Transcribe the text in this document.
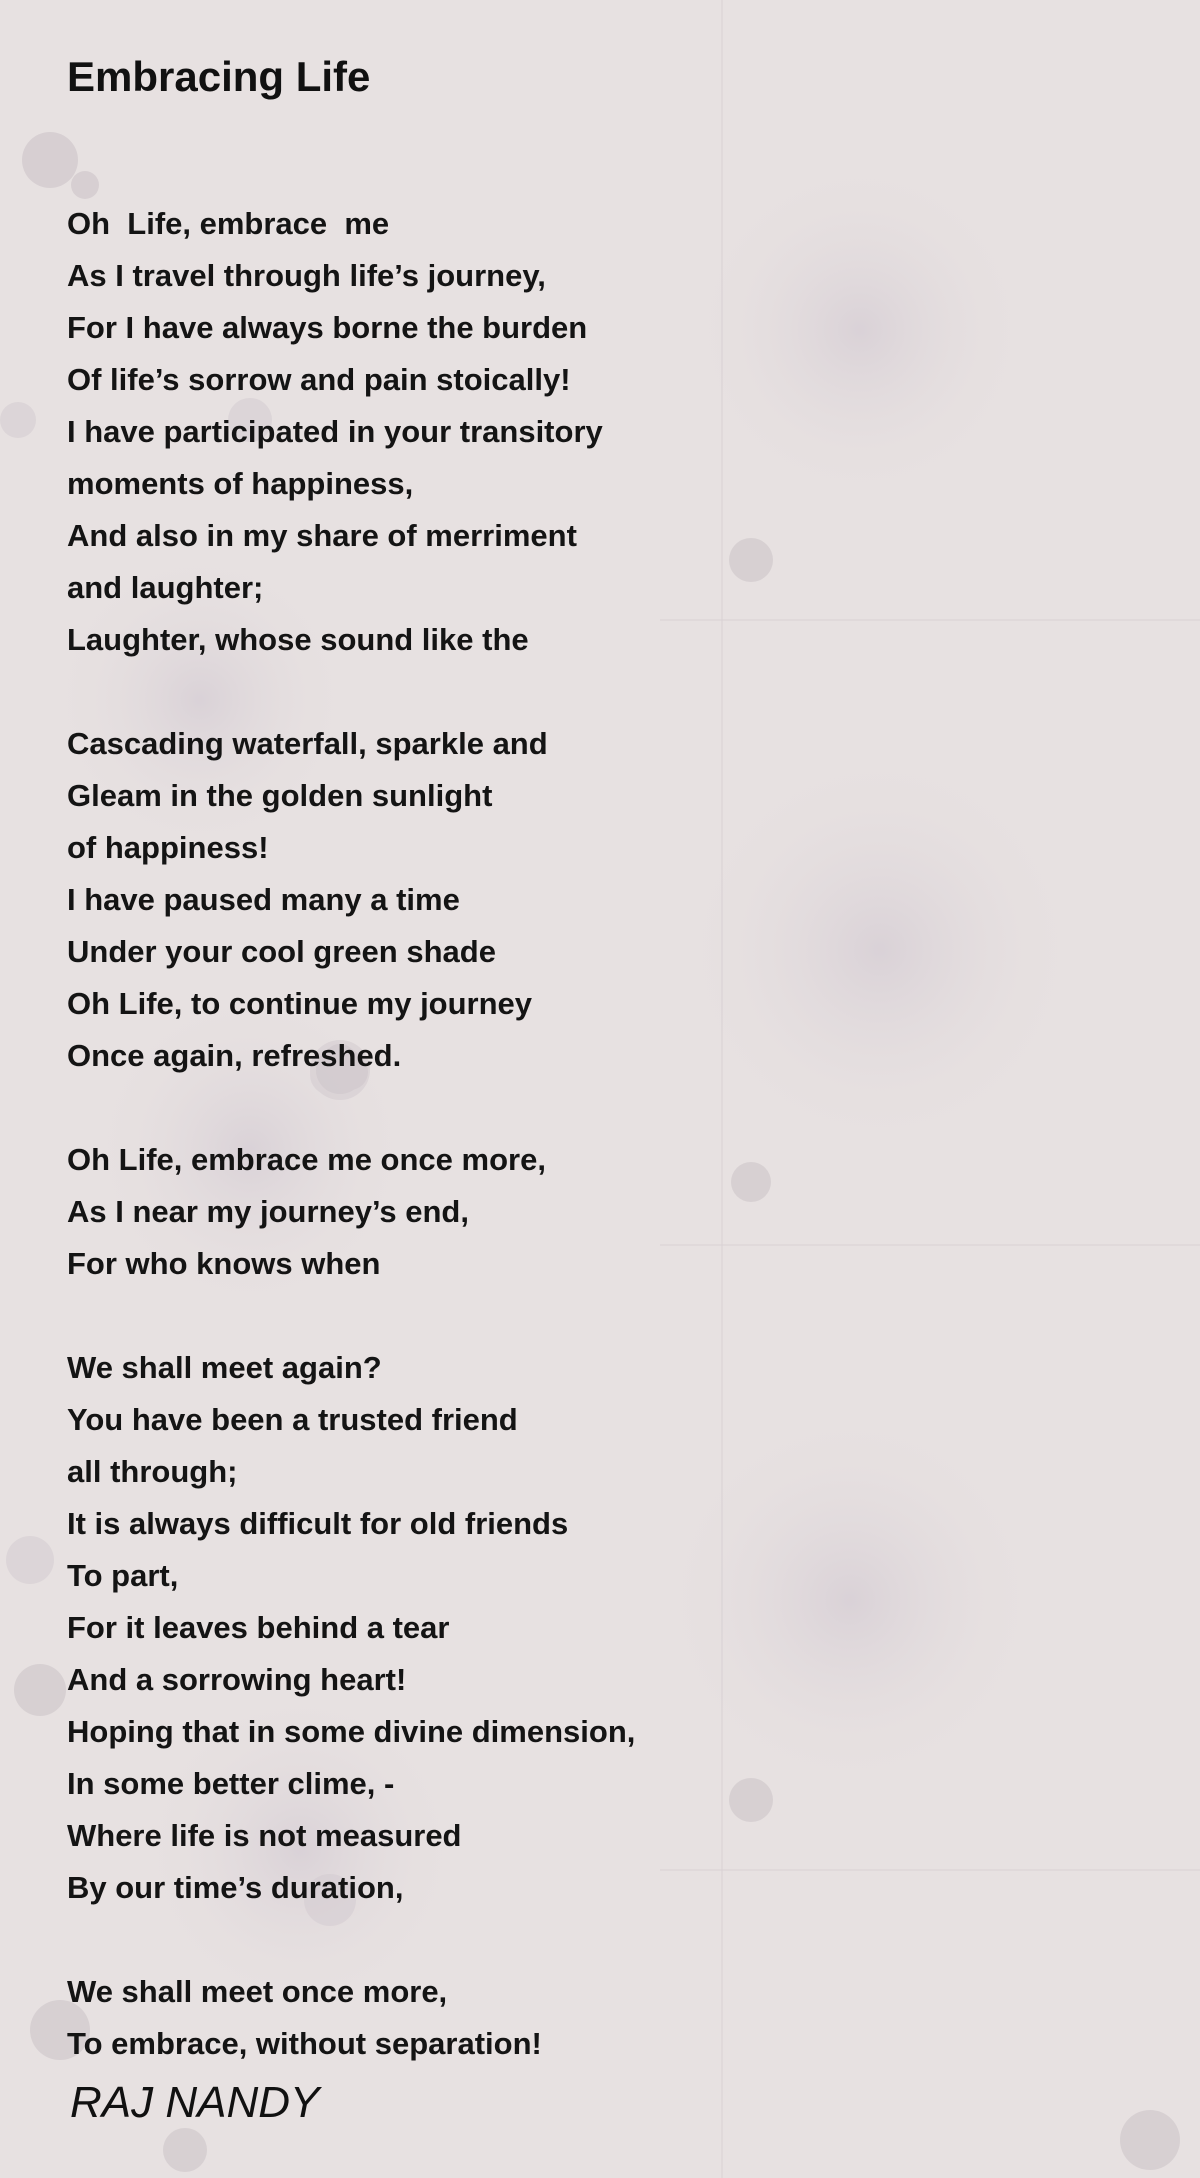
Embracing Life
Oh  Life, embrace  me
As I travel through life’s journey,
For I have always borne the burden
Of life’s sorrow and pain stoically!
I have participated in your transitory
moments of happiness,
And also in my share of merriment
and laughter;
Laughter, whose sound like the
Cascading waterfall, sparkle and
Gleam in the golden sunlight
of happiness!
I have paused many a time
Under your cool green shade
Oh Life, to continue my journey
Once again, refreshed.
Oh Life, embrace me once more,
As I near my journey’s end,
For who knows when
We shall meet again?
You have been a trusted friend
all through;
It is always difficult for old friends
To part,
For it leaves behind a tear
And a sorrowing heart!
Hoping that in some divine dimension,
In some better clime, -
Where life is not measured
By our time’s duration,
We shall meet once more,
To embrace, without separation!
RAJ NANDY
